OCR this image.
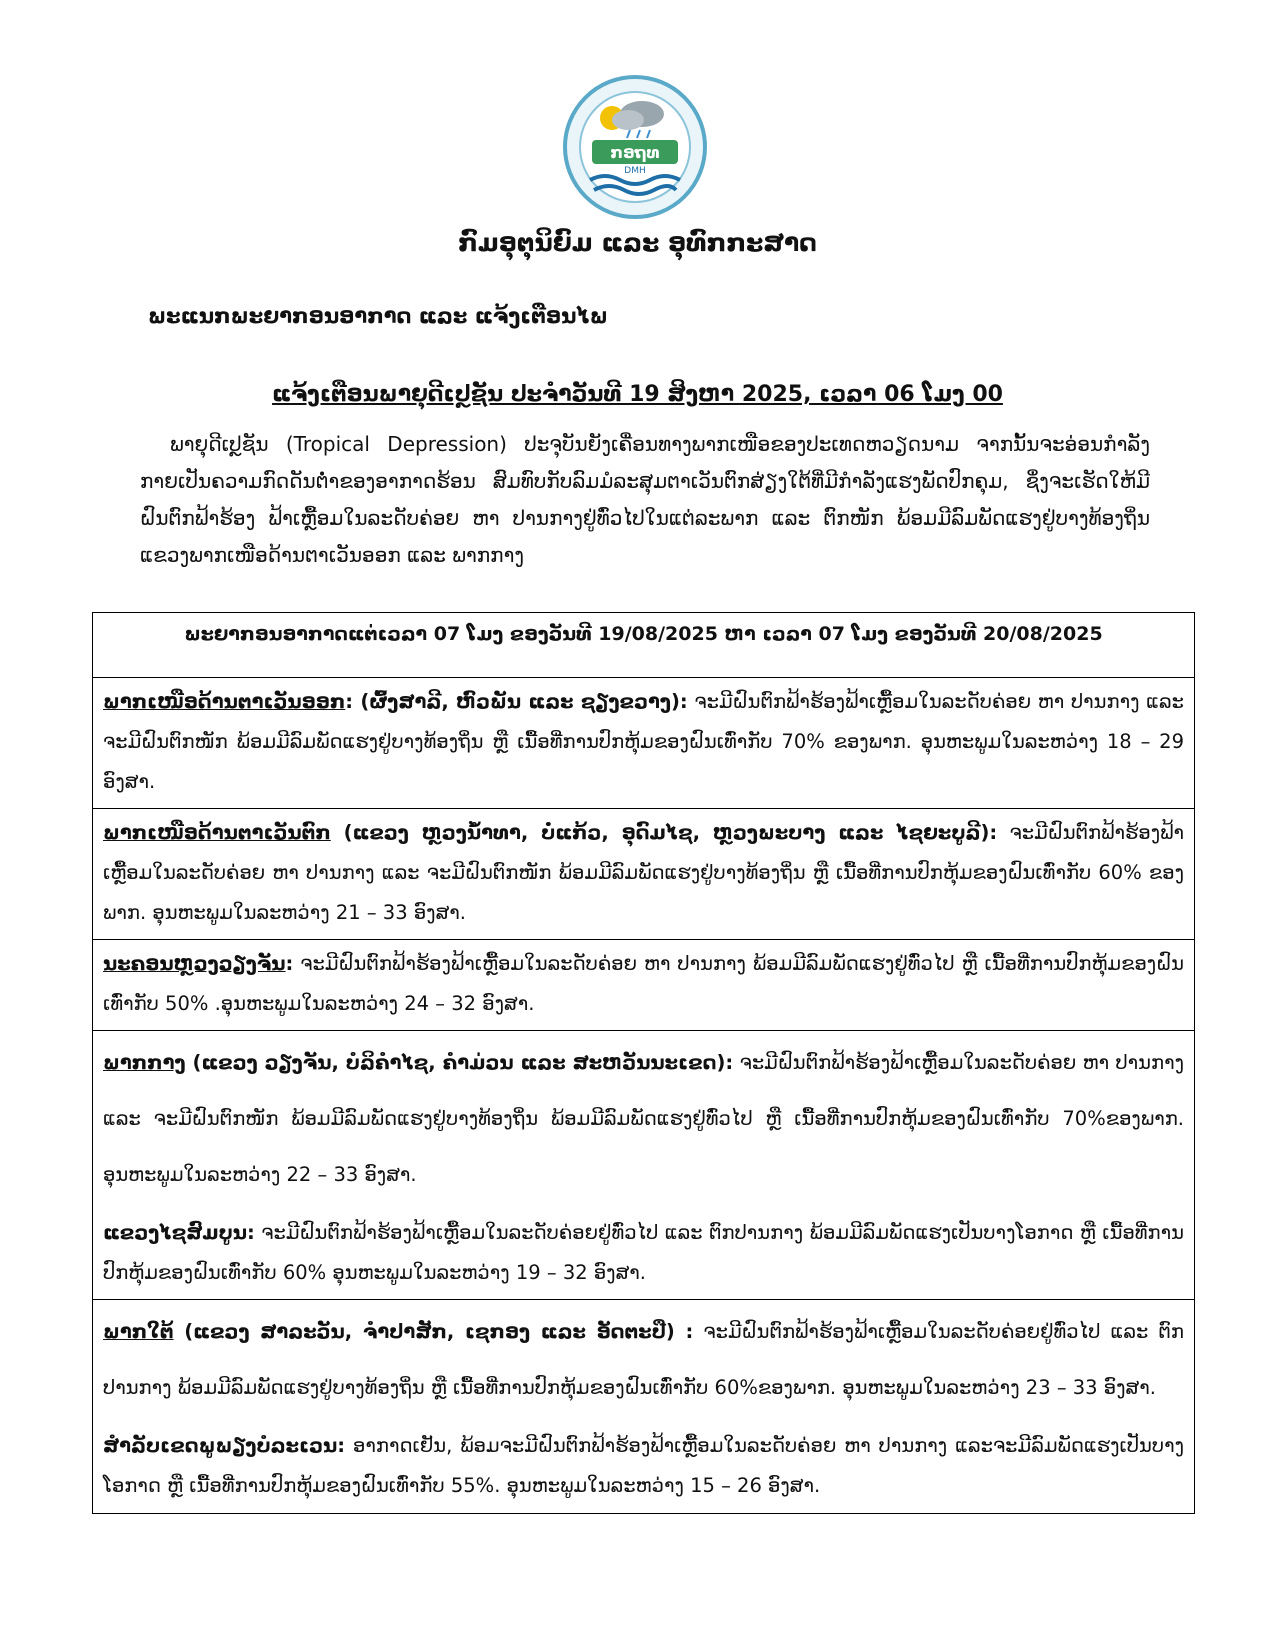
ກອຖທ
DMH
ກົມອຸຕຸນິຍົມ ແລະ ອຸທົກກະສາດ
ພະແນກພະຍາກອນອາກາດ ແລະ ແຈ້ງເຕືອນໄພ
ແຈ້ງເຕືອນພາຍຸດີເປຼຊັນ ປະຈຳວັນທີ 19 ສິງຫາ 2025, ເວລາ 06 ໂມງ 00

ພາຍຸດີເປຼຊັນ (Tropical Depression) ປະຈຸບັນຍັງເຄື່ອນທາງພາກເໜືອຂອງປະເທດຫວຽດນາມ ຈາກນັ້ນຈະອ່ອນກຳລັງກາຍເປັນຄວາມກົດດັນຕ່ຳຂອງອາກາດຮ້ອນ ສົມທົບກັບລົມມໍລະສຸມຕາເວັນຕົກສ່ຽງໃຕ້ທີ່ມີກຳລັງແຮງພັດປົກຄຸມ, ຊຶ່ງຈະເຮັດໃຫ້ມີຝົນຕົກຟ້າຮ້ອງ ຟ້າເຫຼື້ອມໃນລະດັບຄ່ອຍ ຫາ ປານກາງຢູ່ທົ່ວໄປໃນແຕ່ລະພາກ ແລະ ຕົກໜັກ ພ້ອມມີລົມພັດແຮງຢູ່ບາງທ້ອງຖິ່ນ ແຂວງພາກເໜືອດ້ານຕາເວັນອອກ ແລະ ພາກກາງ

ພະຍາກອນອາກາດແຕ່ເວລາ 07 ໂມງ ຂອງວັນທີ 19/08/2025 ຫາ ເວລາ 07 ໂມງ ຂອງວັນທີ 20/08/2025
ພາກເໜືອດ້ານຕາເວັນອອກ: (ຜົ້ງສາລີ, ຫົວພັນ ແລະ ຊຽງຂວາງ): ຈະມີຝົນຕົກຟ້າຮ້ອງຟ້າເຫຼື້ອມໃນລະດັບຄ່ອຍ ຫາ ປານກາງ ແລະ ຈະມີຝົນຕົກໜັກ ພ້ອມມີລົມພັດແຮງຢູ່ບາງທ້ອງຖິ່ນ ຫຼື ເນື້ອທີ່ການປົກຫຸ້ມຂອງຝົນເທົ່າກັບ 70% ຂອງພາກ. ອຸນຫະພູມໃນລະຫວ່າງ 18 – 29 ອົງສາ.
ພາກເໜືອດ້ານຕາເວັນຕົກ (ແຂວງ ຫຼວງນ້ຳທາ, ບໍ່ແກ້ວ, ອຸດົມໄຊ, ຫຼວງພະບາງ ແລະ ໄຊຍະບູລີ): ຈະມີຝົນຕົກຟ້າຮ້ອງຟ້າເຫຼື້ອມໃນລະດັບຄ່ອຍ ຫາ ປານກາງ ແລະ ຈະມີຝົນຕົກໜັກ ພ້ອມມີລົມພັດແຮງຢູ່ບາງທ້ອງຖິ່ນ ຫຼື ເນື້ອທີ່ການປົກຫຸ້ມຂອງຝົນເທົ່າກັບ 60% ຂອງພາກ. ອຸນຫະພູມໃນລະຫວ່າງ 21 – 33 ອົງສາ.
ນະຄອນຫຼວງວຽງຈັນ: ຈະມີຝົນຕົກຟ້າຮ້ອງຟ້າເຫຼື້ອມໃນລະດັບຄ່ອຍ ຫາ ປານກາງ ພ້ອມມີລົມພັດແຮງຢູ່ທົ່ວໄປ ຫຼື ເນື້ອທີ່ການປົກຫຸ້ມຂອງຝົນເທົ່າກັບ 50% .ອຸນຫະພູມໃນລະຫວ່າງ 24 – 32 ອົງສາ.
ພາກກາງ (ແຂວງ ວຽງຈັນ, ບໍລິຄຳໄຊ, ຄຳມ່ວນ ແລະ ສະຫວັນນະເຂດ): ຈະມີຝົນຕົກຟ້າຮ້ອງຟ້າເຫຼື້ອມໃນລະດັບຄ່ອຍ ຫາ ປານກາງ ແລະ ຈະມີຝົນຕົກໜັກ ພ້ອມມີລົມພັດແຮງຢູ່ບາງທ້ອງຖິ່ນ ພ້ອມມີລົມພັດແຮງຢູ່ທົ່ວໄປ ຫຼື ເນື້ອທີ່ການປົກຫຸ້ມຂອງຝົນເທົ່າກັບ 70%ຂອງພາກ. ອຸນຫະພູມໃນລະຫວ່າງ 22 – 33 ອົງສາ.
ແຂວງໄຊສົມບູນ: ຈະມີຝົນຕົກຟ້າຮ້ອງຟ້າເຫຼື້ອມໃນລະດັບຄ່ອຍຢູ່ທົ່ວໄປ ແລະ ຕົກປານກາງ ພ້ອມມີລົມພັດແຮງເປັນບາງໂອກາດ ຫຼື ເນື້ອທີ່ການປົກຫຸ້ມຂອງຝົນເທົ່າກັບ 60% ອຸນຫະພູມໃນລະຫວ່າງ 19 – 32 ອົງສາ.
ພາກໃຕ້ (ແຂວງ ສາລະວັນ, ຈຳປາສັກ, ເຊກອງ ແລະ ອັດຕະປື) : ຈະມີຝົນຕົກຟ້າຮ້ອງຟ້າເຫຼື້ອມໃນລະດັບຄ່ອຍຢູ່ທົ່ວໄປ ແລະ ຕົກປານກາງ ພ້ອມມີລົມພັດແຮງຢູ່ບາງທ້ອງຖິ່ນ ຫຼື ເນື້ອທີ່ການປົກຫຸ້ມຂອງຝົນເທົ່າກັບ 60%ຂອງພາກ. ອຸນຫະພູມໃນລະຫວ່າງ 23 – 33 ອົງສາ.
ສຳລັບເຂດພູພຽງບໍລະເວນ: ອາກາດເຢັນ, ພ້ອມຈະມີຝົນຕົກຟ້າຮ້ອງຟ້າເຫຼື້ອມໃນລະດັບຄ່ອຍ ຫາ ປານກາງ ແລະຈະມີລົມພັດແຮງເປັນບາງໂອກາດ ຫຼື ເນື້ອທີ່ການປົກຫຸ້ມຂອງຝົນເທົ່າກັບ 55%. ອຸນຫະພູມໃນລະຫວ່າງ 15 – 26 ອົງສາ.
